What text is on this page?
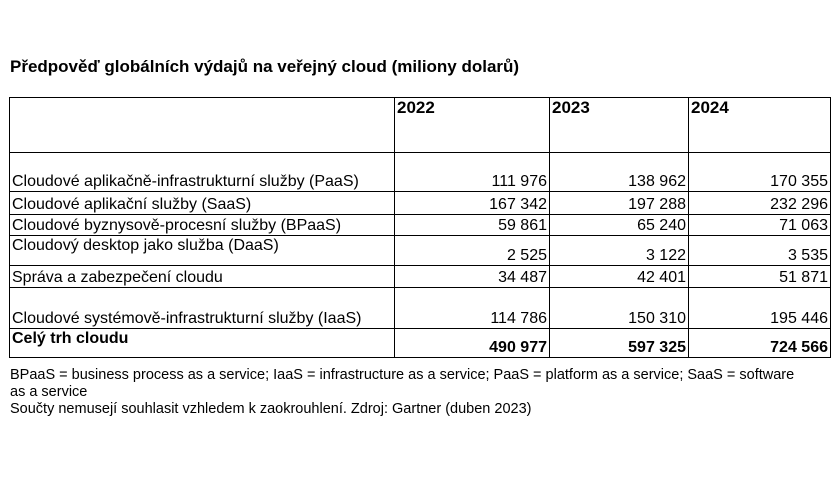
Předpověď globálních výdajů na veřejný cloud (miliony dolarů)
	2022	2023	2024
Cloudové aplikačně-infrastrukturní služby (PaaS)	111 976	138 962	170 355
Cloudové aplikační služby (SaaS)	167 342	197 288	232 296
Cloudové byznysově-procesní služby (BPaaS)	59 861	65 240	71 063
Cloudový desktop jako služba (DaaS)	2 525	3 122	3 535
Správa a zabezpečení cloudu	34 487	42 401	51 871
Cloudové systémově-infrastrukturní služby (IaaS)	114 786	150 310	195 446
Celý trh cloudu	490 977	597 325	724 566

BPaaS = business process as a service; IaaS = infrastructure as a service; PaaS = platform as a service; SaaS = software as a service

Součty nemusejí souhlasit vzhledem k zaokrouhlení. Zdroj: Gartner (duben 2023)
